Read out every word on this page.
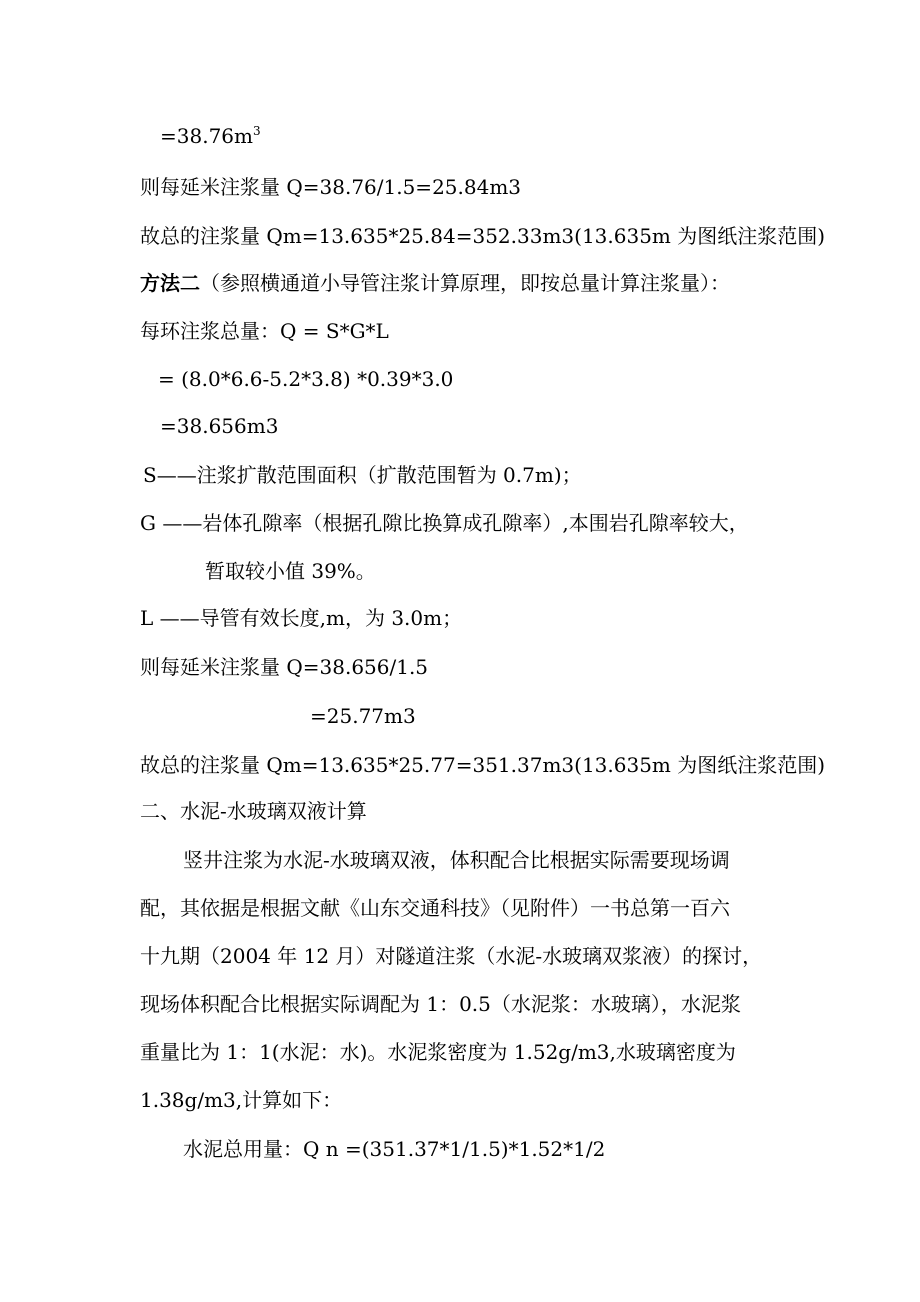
$=38.76m^3$
则每延米注浆量 Q=38.76/1.5=25.84m3
故总的注浆量 Qm=13.635*25.84=352.33m3(13.635m 为图纸注浆范围)
方法二（参照横通道小导管注浆计算原理，即按总量计算注浆量）：
每环注浆总量：Q = S*G*L
= (8.0*6.6-5.2*3.8) *0.39*3.0
=38.656m3
S——注浆扩散范围面积（扩散范围暂为 0.7m)；
G ——岩体孔隙率（根据孔隙比换算成孔隙率）,本围岩孔隙率较大，
暂取较小值 39%。
L ——导管有效长度,m，为 3.0m；
则每延米注浆量 Q=38.656/1.5
=25.77m3
故总的注浆量 Qm=13.635*25.77=351.37m3(13.635m 为图纸注浆范围)
二、水泥-水玻璃双液计算
竖井注浆为水泥-水玻璃双液，体积配合比根据实际需要现场调
配，其依据是根据文献《山东交通科技》（见附件）一书总第一百六
十九期（2004 年 12 月）对隧道注浆（水泥-水玻璃双浆液）的探讨，
现场体积配合比根据实际调配为 1：0.5（水泥浆：水玻璃），水泥浆
重量比为 1：1(水泥：水)。水泥浆密度为 1.52g/m3,水玻璃密度为
1.38g/m3,计算如下：
水泥总用量：Q n =(351.37*1/1.5)*1.52*1/2
